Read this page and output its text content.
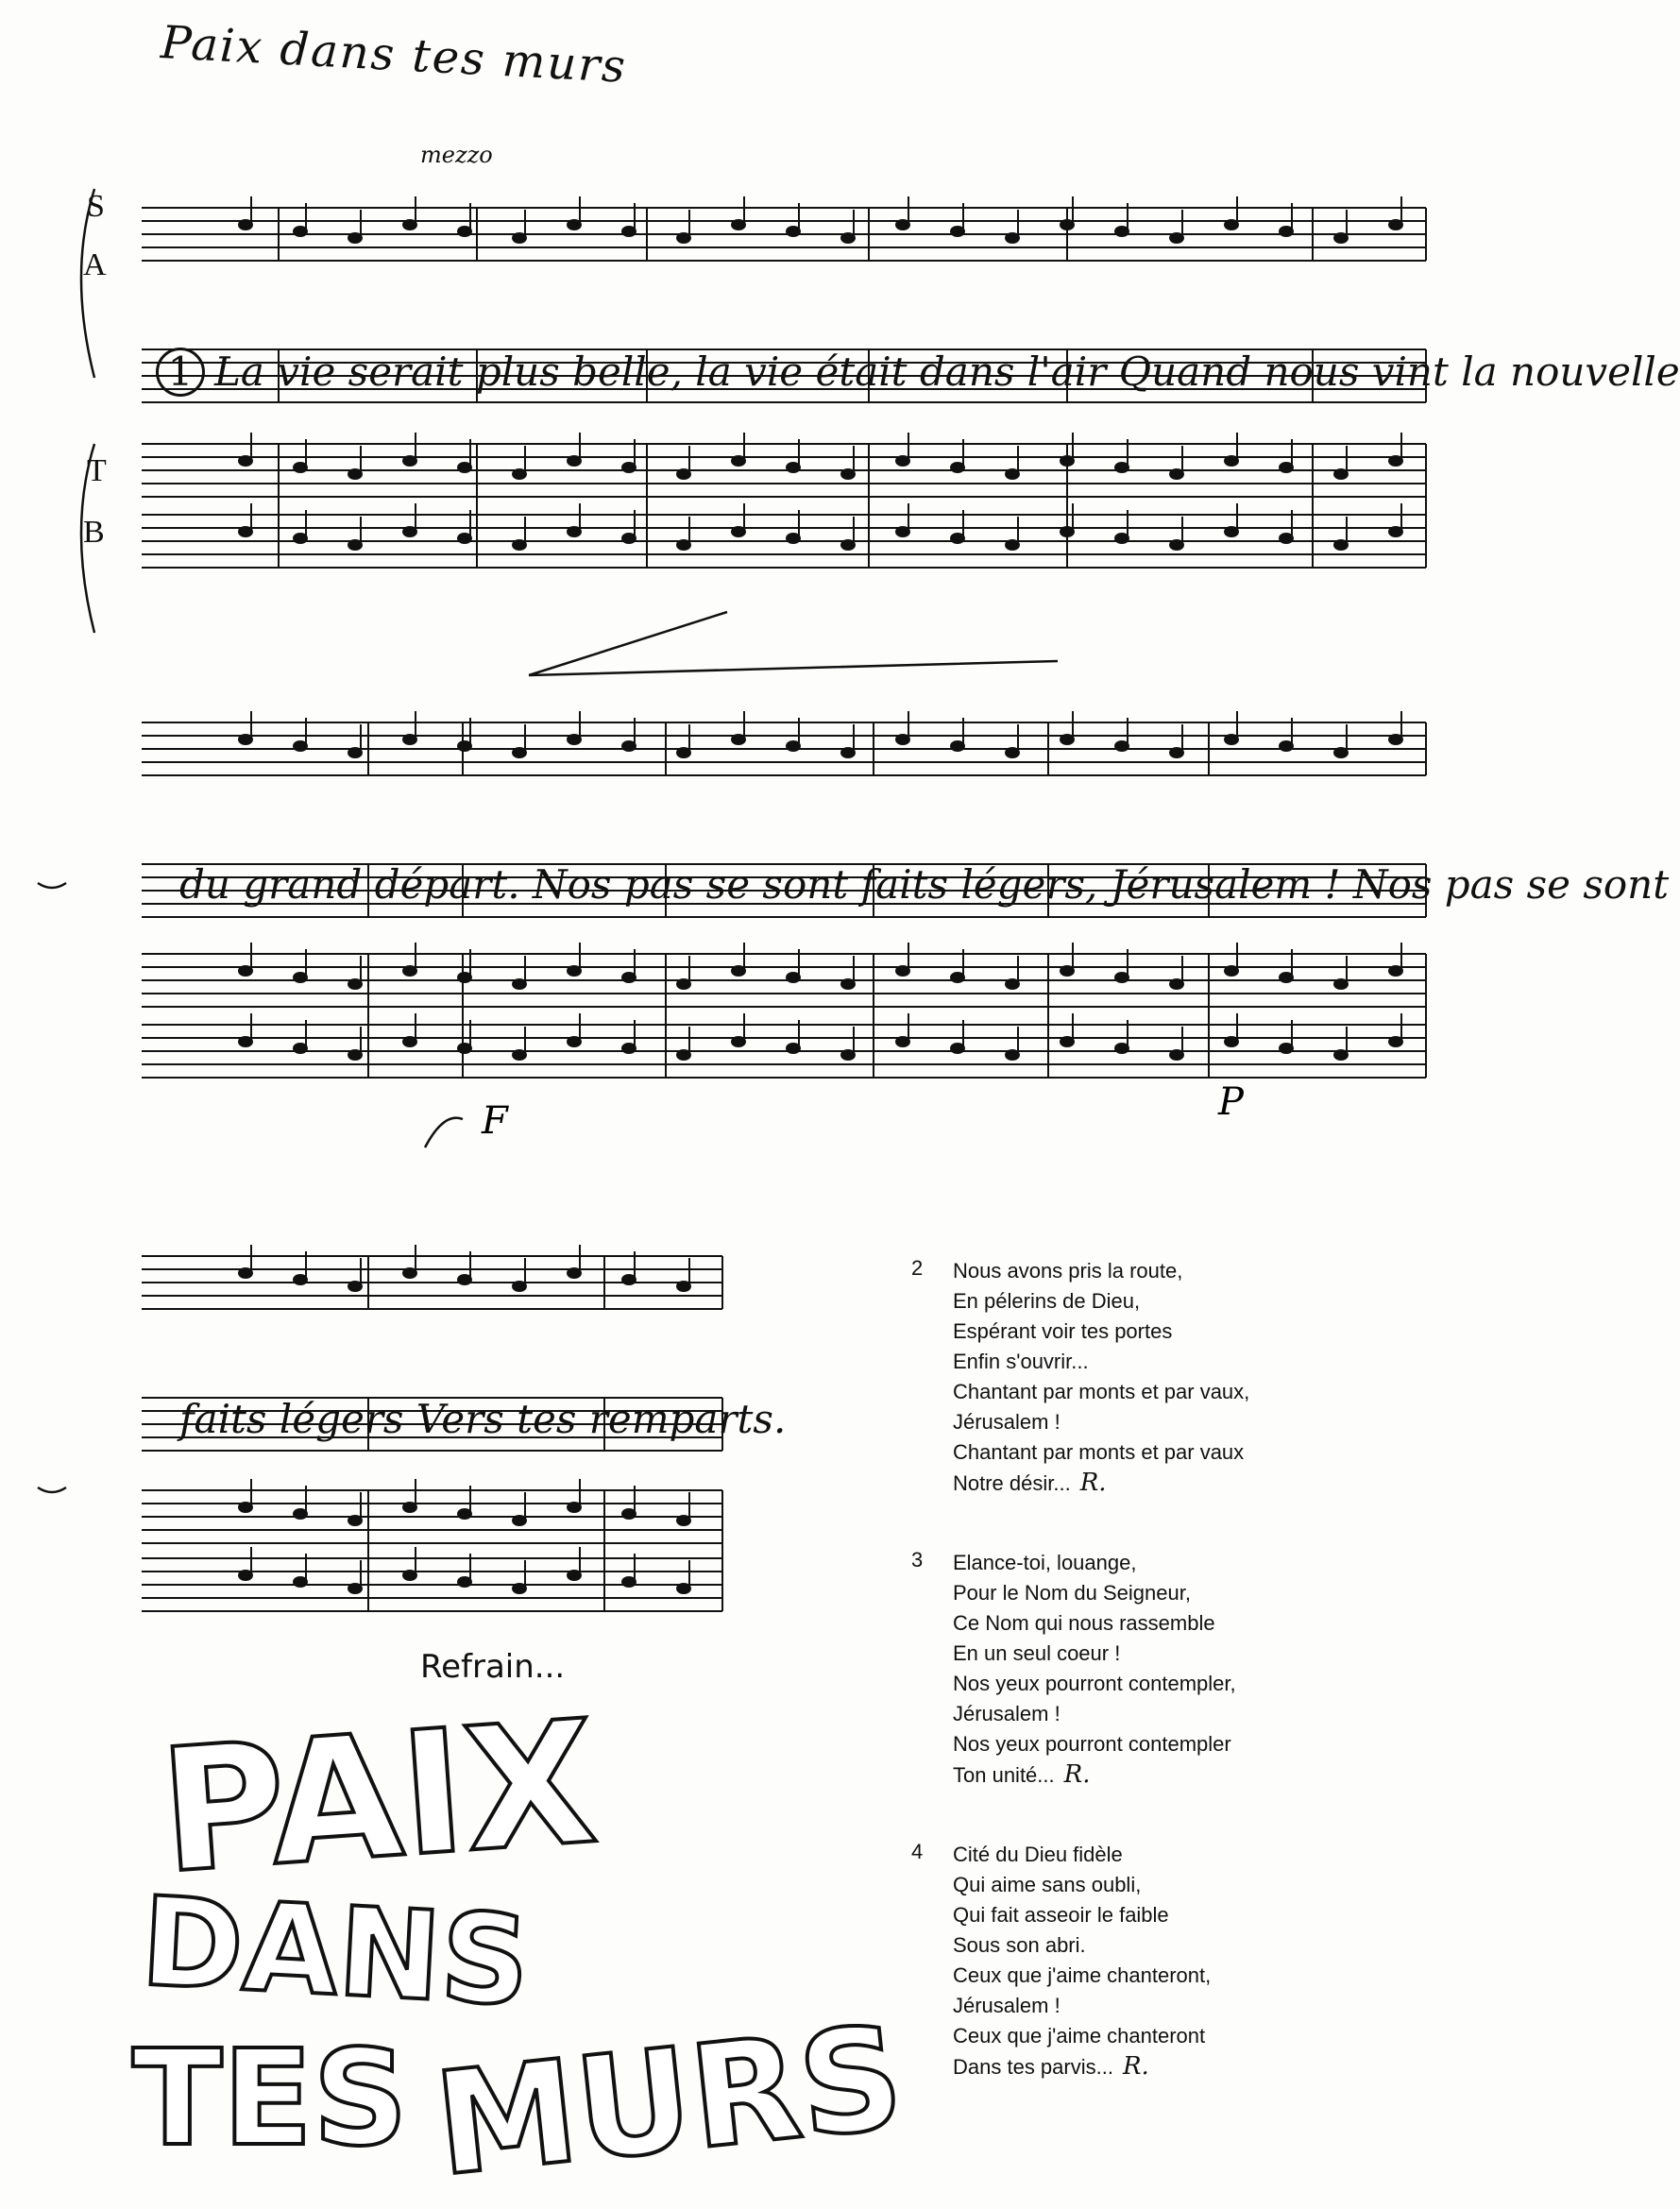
Paix dans tes murs
mezzo
S
A
T
B
F	P
1 La vie serait plus belle, la vie était dans l'air Quand nous vint la nouvelle
du grand départ. Nos pas se sont faits légers, Jérusalem ! Nos pas se sont
faits légers Vers tes remparts.
Refrain...
2 Nous avons pris la route,
En pélerins de Dieu,
Espérant voir tes portes
Enfin s'ouvrir...
Chantant par monts et par vaux,
Jérusalem !
Chantant par monts et par vaux
Notre désir... R.
3 Elance-toi, louange,
Pour le Nom du Seigneur,
Ce Nom qui nous rassemble
En un seul coeur !
Nos yeux pourront contempler,
Jérusalem !
Nos yeux pourront contempler
Ton unité... R.
4 Cité du Dieu fidèle
Qui aime sans oubli,
Qui fait asseoir le faible
Sous son abri.
Ceux que j'aime chanteront,
Jérusalem !
Ceux que j'aime chanteront
Dans tes parvis... R.
PAIX
DANS
TES MURS
